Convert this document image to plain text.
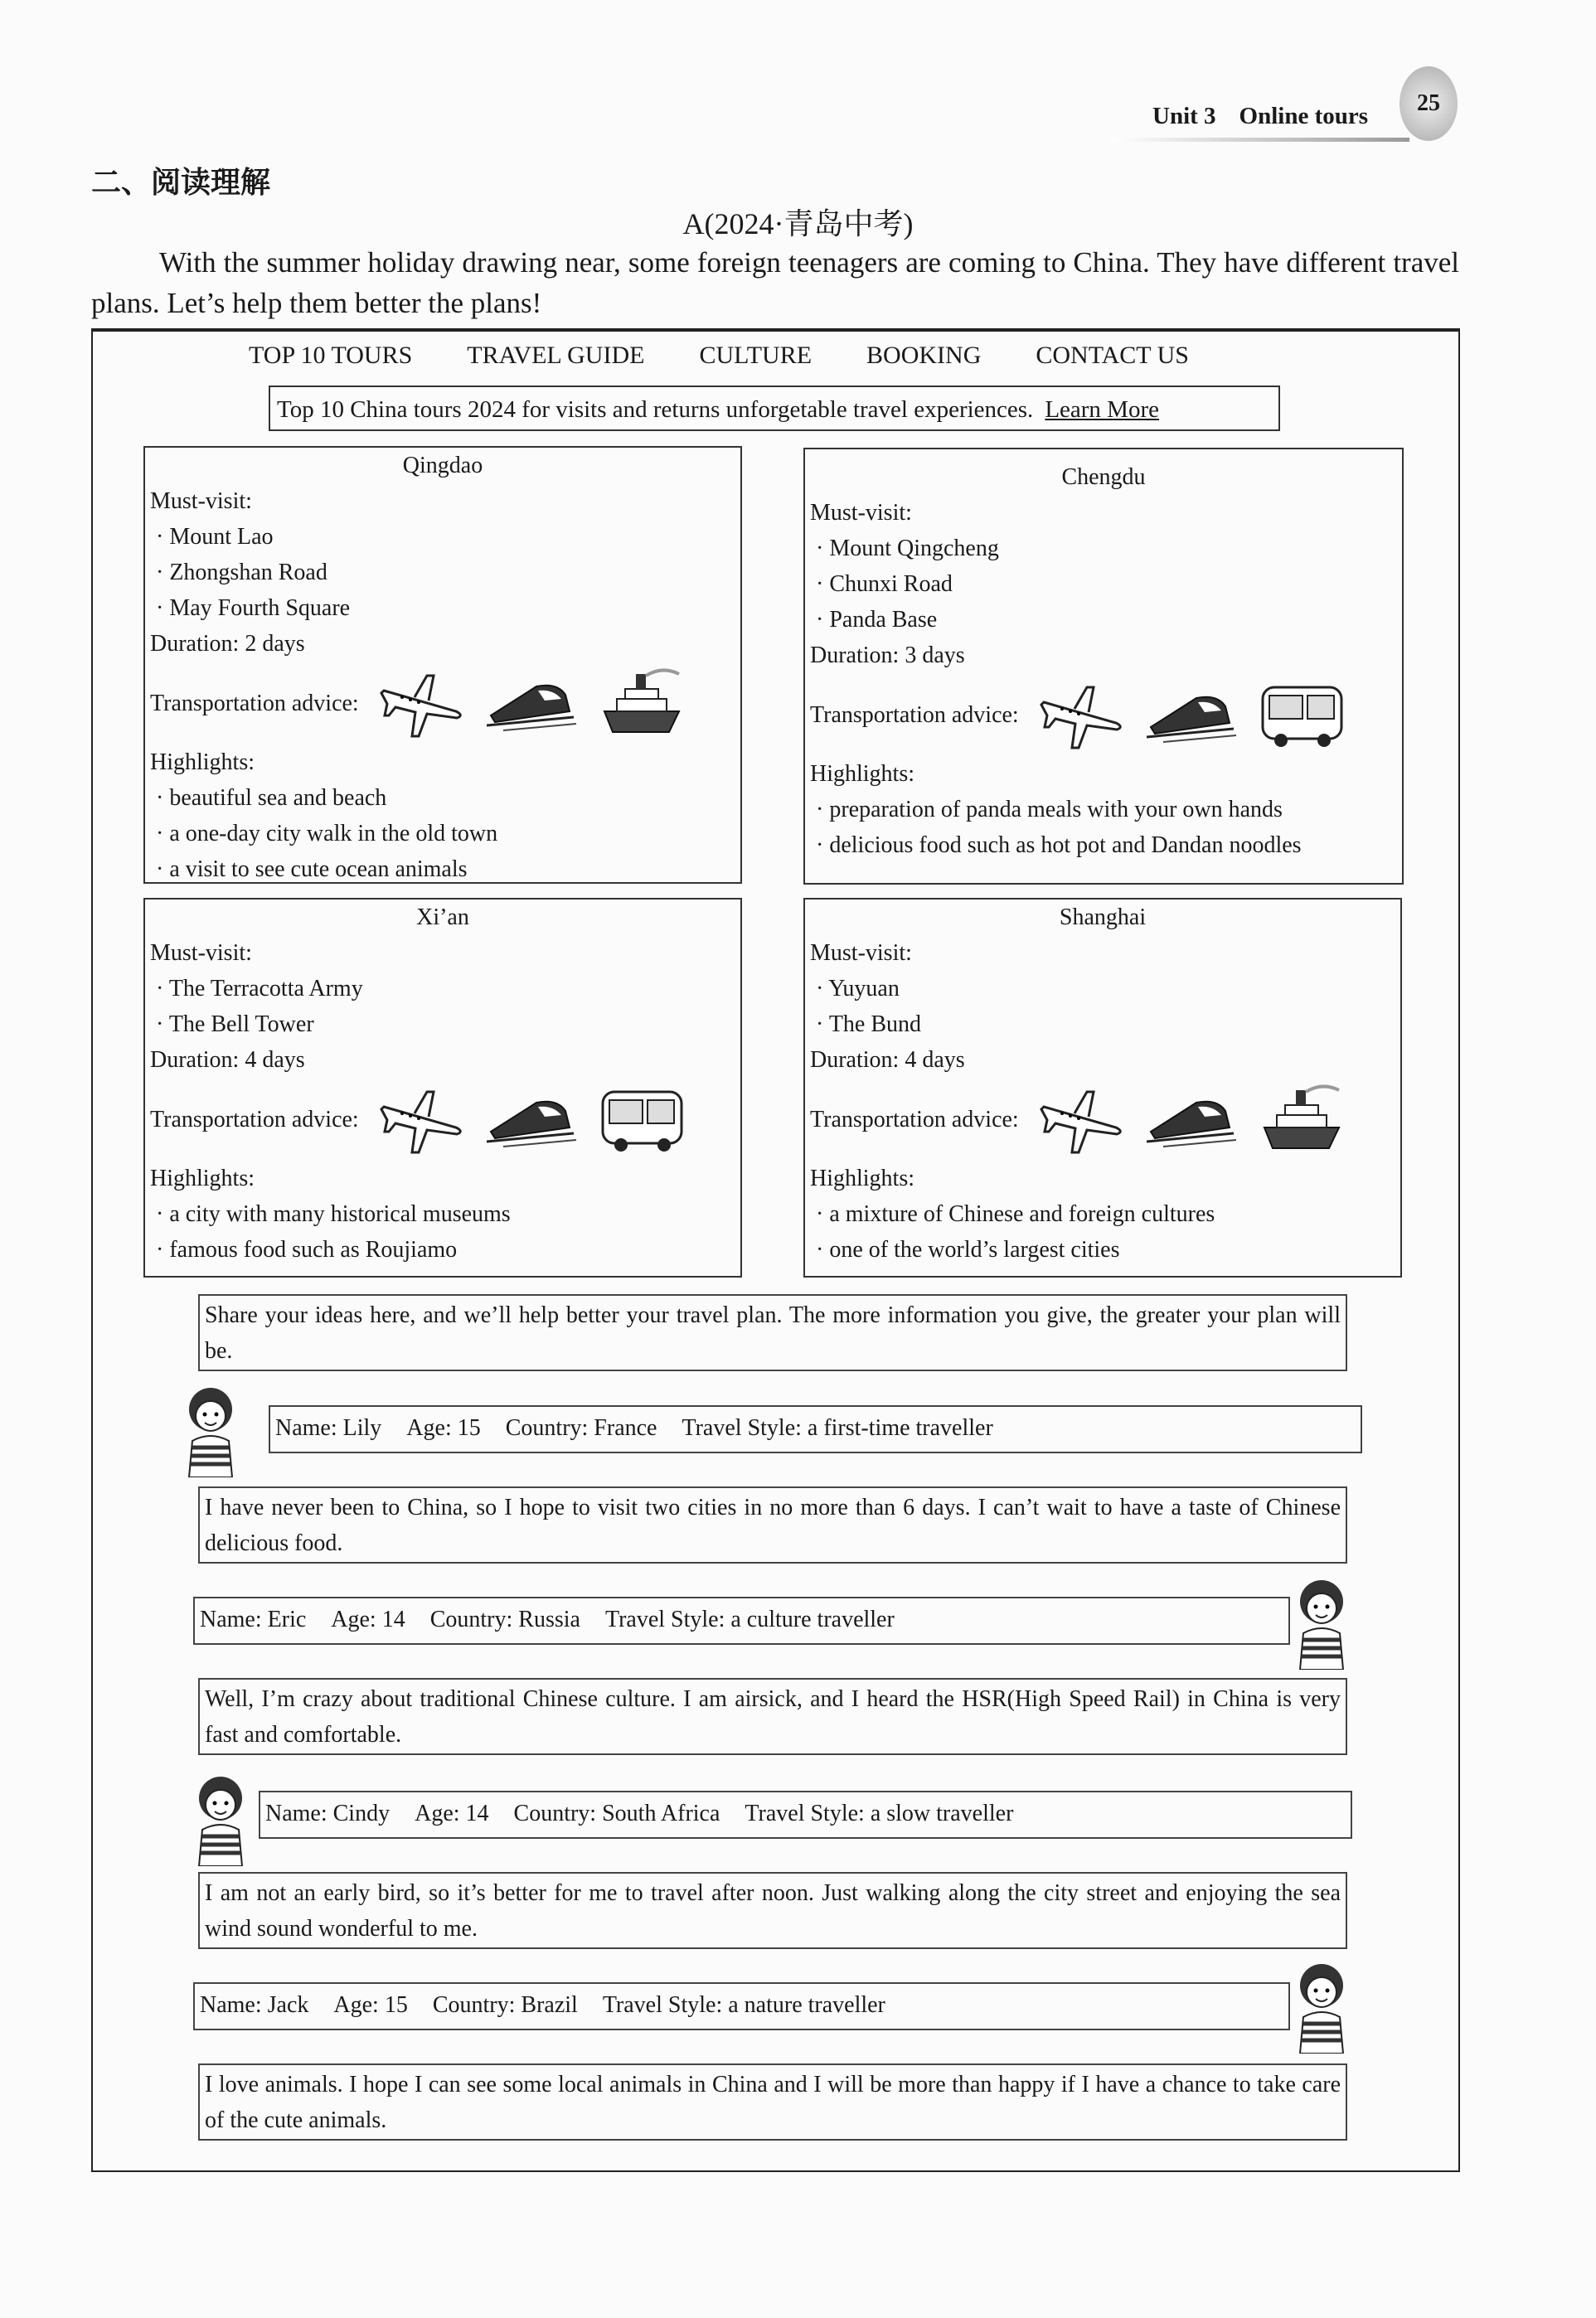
Unit 3 Online tours	25
二、阅读理解
A(2024·青岛中考)
With the summer holiday drawing near, some foreign teenagers are coming to China. They have different travel plans. Let’s help them better the plans!
TOP 10 TOURS TRAVEL GUIDE CULTURE BOOKING CONTACT US
Top 10 China tours 2024 for visits and returns unforgetable travel experiences. Learn More
Qingdao
Must-visit:
· Mount Lao
· Zhongshan Road
· May Fourth Square
Duration: 2 days
Transportation advice:
Highlights:
· beautiful sea and beach
· a one-day city walk in the old town
· a visit to see cute ocean animals
Chengdu
Must-visit:
· Mount Qingcheng
· Chunxi Road
· Panda Base
Duration: 3 days
Transportation advice:
Highlights:
· preparation of panda meals with your own hands
· delicious food such as hot pot and Dandan noodles
Xi’an
Must-visit:
· The Terracotta Army
· The Bell Tower
Duration: 4 days
Transportation advice:
Highlights:
· a city with many historical museums
· famous food such as Roujiamo
Shanghai
Must-visit:
· Yuyuan
· The Bund
Duration: 4 days
Transportation advice:
Highlights:
· a mixture of Chinese and foreign cultures
· one of the world’s largest cities
Share your ideas here, and we’ll help better your travel plan. The more information you give, the greater your plan will be.
Name: Lily Age: 15 Country: France Travel Style: a first-time traveller
I have never been to China, so I hope to visit two cities in no more than 6 days. I can’t wait to have a taste of Chinese delicious food.
Name: Eric Age: 14 Country: Russia Travel Style: a culture traveller
Well, I’m crazy about traditional Chinese culture. I am airsick, and I heard the HSR(High Speed Rail) in China is very fast and comfortable.
Name: Cindy Age: 14 Country: South Africa Travel Style: a slow traveller
I am not an early bird, so it’s better for me to travel after noon. Just walking along the city street and enjoying the sea wind sound wonderful to me.
Name: Jack Age: 15 Country: Brazil Travel Style: a nature traveller
I love animals. I hope I can see some local animals in China and I will be more than happy if I have a chance to take care of the cute animals.
